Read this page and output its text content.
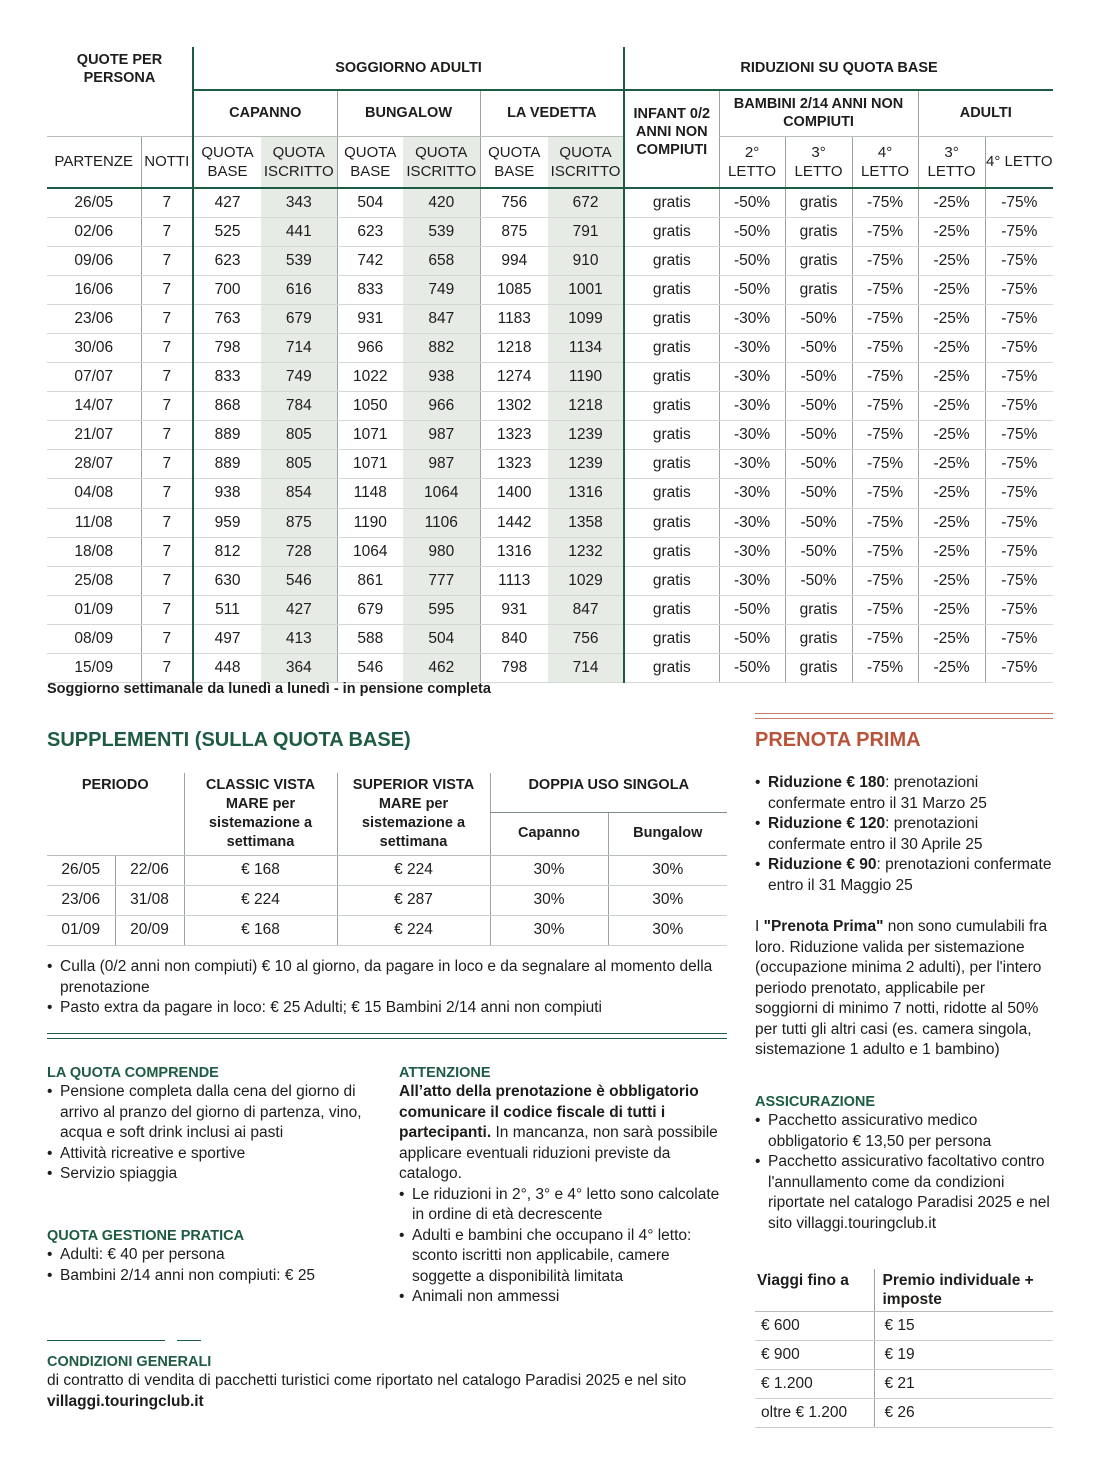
QUOTE PER PERSONA		SOGGIORNO ADULTI						RIDUZIONI SU QUOTA BASE					
		CAPANNO		BUNGALOW		LA VEDETTA		INFANT 0/2 ANNI NON COMPIUTI	BAMBINI 2/14 ANNI NON COMPIUTI			ADULTI	
PARTENZE	NOTTI	QUOTA BASE	QUOTA ISCRITTO	QUOTA BASE	QUOTA ISCRITTO	QUOTA BASE	QUOTA ISCRITTO		2° LETTO	3° LETTO	4° LETTO	3° LETTO	4° LETTO
26/05	7	427	343	504	420	756	672	gratis	-50%	gratis	-75%	-25%	-75%
02/06	7	525	441	623	539	875	791	gratis	-50%	gratis	-75%	-25%	-75%
09/06	7	623	539	742	658	994	910	gratis	-50%	gratis	-75%	-25%	-75%
16/06	7	700	616	833	749	1085	1001	gratis	-50%	gratis	-75%	-25%	-75%
23/06	7	763	679	931	847	1183	1099	gratis	-30%	-50%	-75%	-25%	-75%
30/06	7	798	714	966	882	1218	1134	gratis	-30%	-50%	-75%	-25%	-75%
07/07	7	833	749	1022	938	1274	1190	gratis	-30%	-50%	-75%	-25%	-75%
14/07	7	868	784	1050	966	1302	1218	gratis	-30%	-50%	-75%	-25%	-75%
21/07	7	889	805	1071	987	1323	1239	gratis	-30%	-50%	-75%	-25%	-75%
28/07	7	889	805	1071	987	1323	1239	gratis	-30%	-50%	-75%	-25%	-75%
04/08	7	938	854	1148	1064	1400	1316	gratis	-30%	-50%	-75%	-25%	-75%
11/08	7	959	875	1190	1106	1442	1358	gratis	-30%	-50%	-75%	-25%	-75%
18/08	7	812	728	1064	980	1316	1232	gratis	-30%	-50%	-75%	-25%	-75%
25/08	7	630	546	861	777	1113	1029	gratis	-30%	-50%	-75%	-25%	-75%
01/09	7	511	427	679	595	931	847	gratis	-50%	gratis	-75%	-25%	-75%
08/09	7	497	413	588	504	840	756	gratis	-50%	gratis	-75%	-25%	-75%
15/09	7	448	364	546	462	798	714	gratis	-50%	gratis	-75%	-25%	-75%
Soggiorno settimanale da lunedì a lunedì - in pensione completa
SUPPLEMENTI (SULLA QUOTA BASE)
PERIODO		CLASSIC VISTA MARE per sistemazione a settimana	SUPERIOR VISTA MARE per sistemazione a settimana	DOPPIA USO SINGOLA	
				Capanno	Bungalow
26/05	22/06	€ 168	€ 224	30%	30%
23/06	31/08	€ 224	€ 287	30%	30%
01/09	20/09	€ 168	€ 224	30%	30%
• Culla (0/2 anni non compiuti) € 10 al giorno, da pagare in loco e da segnalare al momento della prenotazione
• Pasto extra da pagare in loco: € 25 Adulti; € 15 Bambini 2/14 anni non compiuti
LA QUOTA COMPRENDE
• Pensione completa dalla cena del giorno di arrivo al pranzo del giorno di partenza, vino, acqua e soft drink inclusi ai pasti
• Attività ricreative e sportive
• Servizio spiaggia
QUOTA GESTIONE PRATICA
• Adulti: € 40 per persona
• Bambini 2/14 anni non compiuti: € 25
ATTENZIONE
All’atto della prenotazione è obbligatorio comunicare il codice fiscale di tutti i partecipanti. In mancanza, non sarà possibile applicare eventuali riduzioni previste da catalogo.
• Le riduzioni in 2°, 3° e 4° letto sono calcolate in ordine di età decrescente
• Adulti e bambini che occupano il 4° letto: sconto iscritti non applicabile, camere soggette a disponibilità limitata
• Animali non ammessi
CONDIZIONI GENERALI
di contratto di vendita di pacchetti turistici come riportato nel catalogo Paradisi 2025 e nel sito villaggi.touringclub.it
PRENOTA PRIMA
• Riduzione € 180: prenotazioni confermate entro il 31 Marzo 25
• Riduzione € 120: prenotazioni confermate entro il 30 Aprile 25
• Riduzione € 90: prenotazioni confermate entro il 31 Maggio 25
I "Prenota Prima" non sono cumulabili fra loro. Riduzione valida per sistemazione (occupazione minima 2 adulti), per l'intero periodo prenotato, applicabile per soggiorni di minimo 7 notti, ridotte al 50% per tutti gli altri casi (es. camera singola, sistemazione 1 adulto e 1 bambino)
ASSICURAZIONE
• Pacchetto assicurativo medico obbligatorio € 13,50 per persona
• Pacchetto assicurativo facoltativo contro l'annullamento come da condizioni riportate nel catalogo Paradisi 2025 e nel sito villaggi.touringclub.it
Viaggi fino a	Premio individuale + imposte
€ 600	€ 15
€ 900	€ 19
€ 1.200	€ 21
oltre € 1.200	€ 26
